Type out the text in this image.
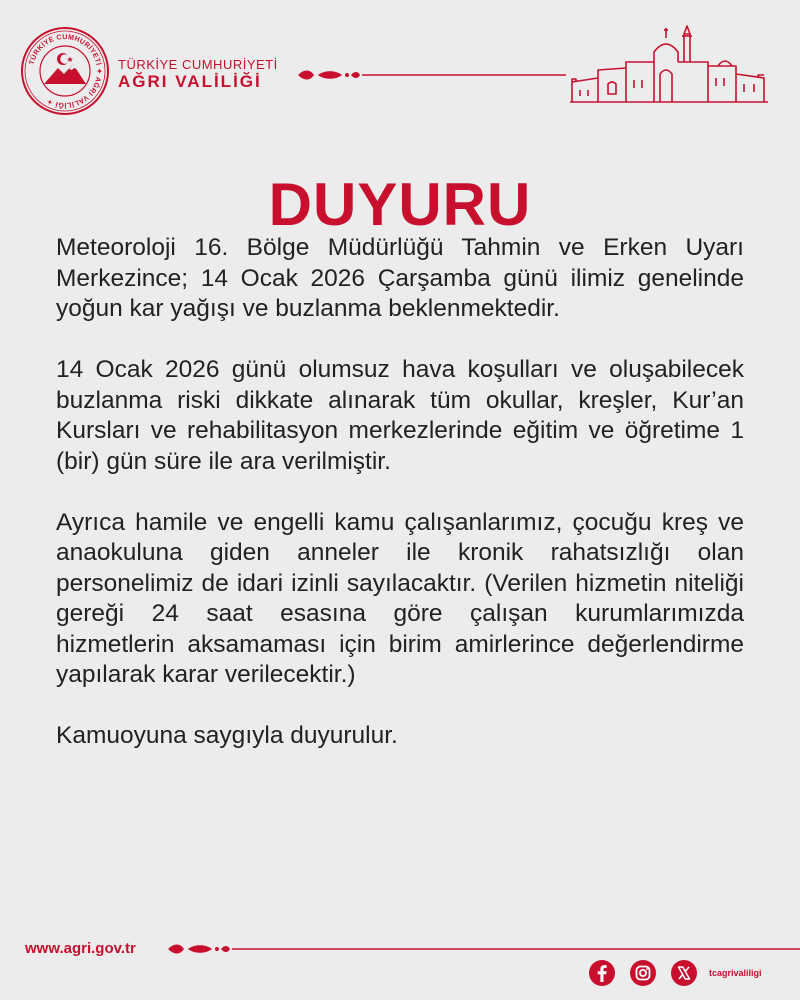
TÜRKİYE CUMHURİYETİ ✦ AĞRI VALİLİĞİ ✦
TÜRKİYE CUMHURİYETİ
AĞRI VALİLİĞİ
DUYURU

Meteoroloji 16. Bölge Müdürlüğü Tahmin ve Erken Uyarı Merkezince; 14 Ocak 2026 Çarşamba günü ilimiz genelinde yoğun kar yağışı ve buzlanma beklenmektedir.

14 Ocak 2026 günü olumsuz hava koşulları ve oluşabilecek buzlanma riski dikkate alınarak tüm okullar, kreşler, Kur’an Kursları ve rehabilitasyon merkezlerinde eğitim ve öğretime 1 (bir) gün süre ile ara verilmiştir.

Ayrıca hamile ve engelli kamu çalışanlarımız, çocuğu kreş ve anaokuluna giden anneler ile kronik rahatsızlığı olan personelimiz de idari izinli sayılacaktır. (Verilen hizmetin niteliği gereği 24 saat esasına göre çalışan kurumlarımızda hizmetlerin aksamaması için birim amirlerince değerlendirme yapılarak karar verilecektir.)

Kamuoyuna saygıyla duyurulur.

www.agri.gov.tr
tcagrivaliligi
